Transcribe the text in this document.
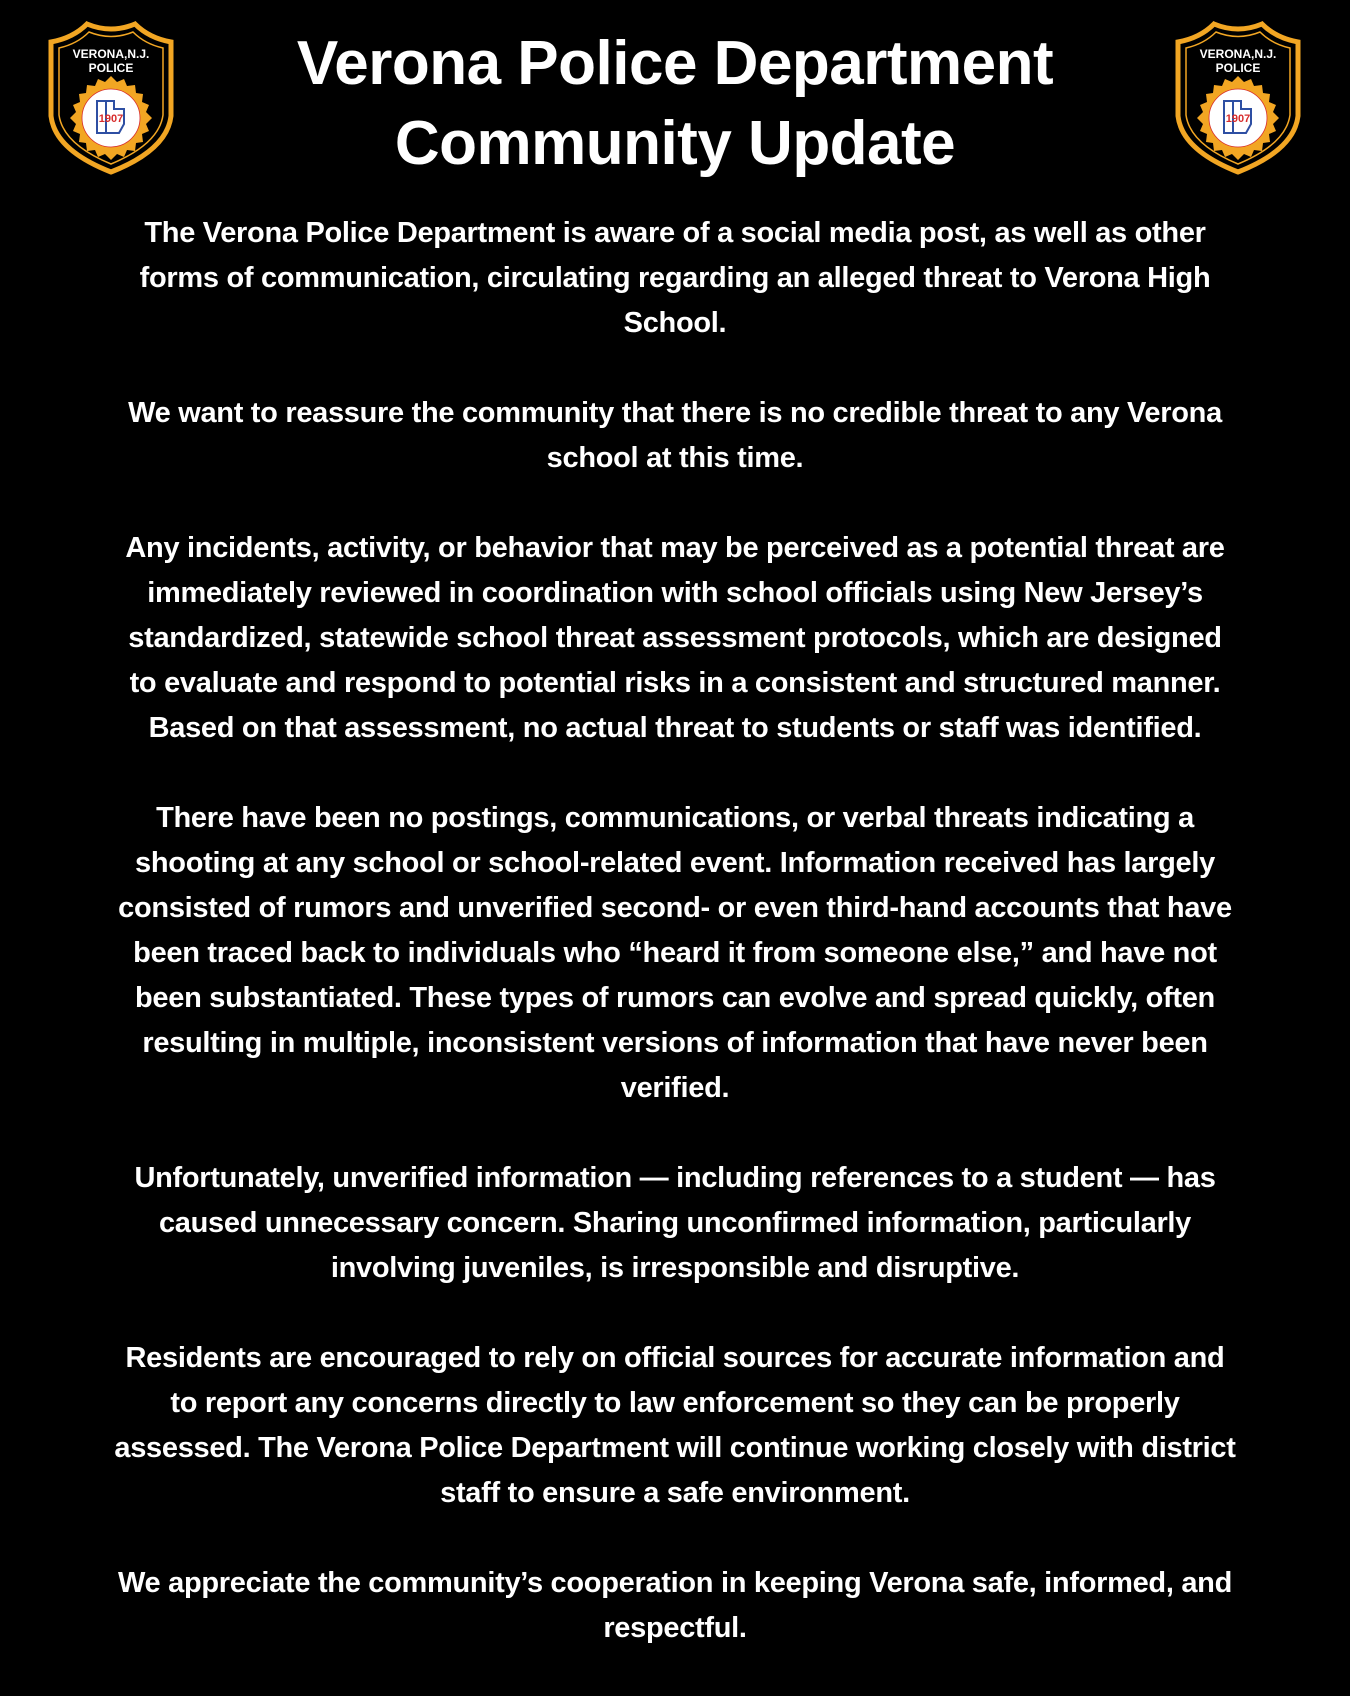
VERONA,N.J.
POLICE
1907
Verona Police Department
Community Update
VERONA,N.J.
POLICE
1907

The Verona Police Department is aware of a social media post, as well as other
forms of communication, circulating regarding an alleged threat to Verona High
School.

We want to reassure the community that there is no credible threat to any Verona
school at this time.

Any incidents, activity, or behavior that may be perceived as a potential threat are
immediately reviewed in coordination with school officials using New Jersey’s
standardized, statewide school threat assessment protocols, which are designed
to evaluate and respond to potential risks in a consistent and structured manner.
Based on that assessment, no actual threat to students or staff was identified.

There have been no postings, communications, or verbal threats indicating a
shooting at any school or school-related event. Information received has largely
consisted of rumors and unverified second- or even third-hand accounts that have
been traced back to individuals who “heard it from someone else,” and have not
been substantiated. These types of rumors can evolve and spread quickly, often
resulting in multiple, inconsistent versions of information that have never been
verified.

Unfortunately, unverified information — including references to a student — has
caused unnecessary concern. Sharing unconfirmed information, particularly
involving juveniles, is irresponsible and disruptive.

Residents are encouraged to rely on official sources for accurate information and
to report any concerns directly to law enforcement so they can be properly
assessed. The Verona Police Department will continue working closely with district
staff to ensure a safe environment.

We appreciate the community’s cooperation in keeping Verona safe, informed, and
respectful.
